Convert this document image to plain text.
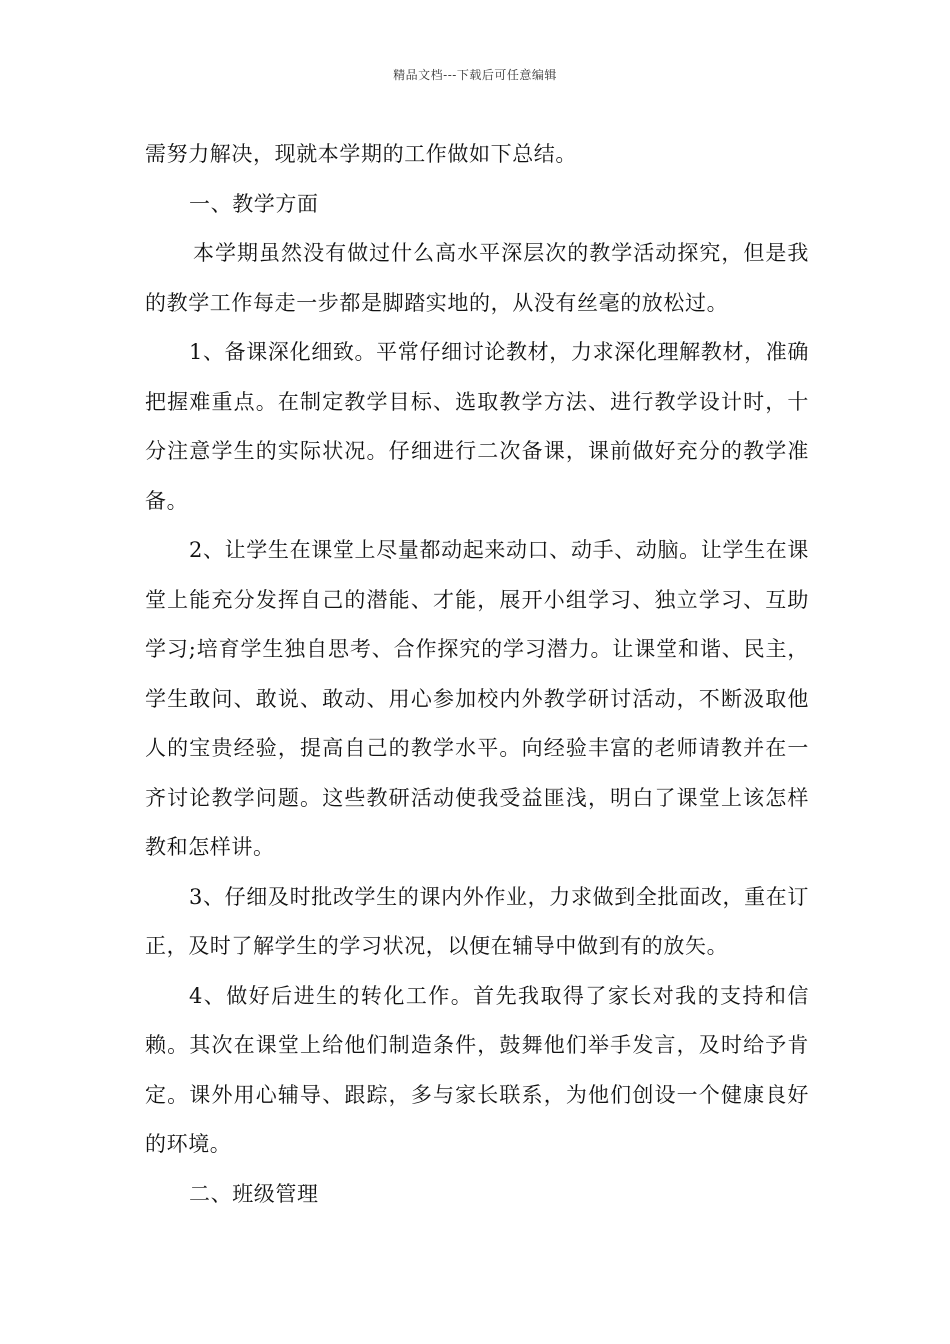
精品文档---下载后可任意编辑

需努力解决，现就本学期的工作做如下总结。

一、教学方面

本学期虽然没有做过什么高水平深层次的教学活动探究，但是我的教学工作每走一步都是脚踏实地的，从没有丝毫的放松过。

1、备课深化细致。平常仔细讨论教材，力求深化理解教材，准确把握难重点。在制定教学目标、选取教学方法、进行教学设计时，十分注意学生的实际状况。仔细进行二次备课，课前做好充分的教学准备。

2、让学生在课堂上尽量都动起来动口、动手、动脑。让学生在课堂上能充分发挥自己的潜能、才能，展开小组学习、独立学习、互助学习;培育学生独自思考、合作探究的学习潜力。让课堂和谐、民主，学生敢问、敢说、敢动、用心参加校内外教学研讨活动，不断汲取他人的宝贵经验，提高自己的教学水平。向经验丰富的老师请教并在一齐讨论教学问题。这些教研活动使我受益匪浅，明白了课堂上该怎样教和怎样讲。

3、仔细及时批改学生的课内外作业，力求做到全批面改，重在订正，及时了解学生的学习状况，以便在辅导中做到有的放矢。

4、做好后进生的转化工作。首先我取得了家长对我的支持和信赖。其次在课堂上给他们制造条件，鼓舞他们举手发言，及时给予肯定。课外用心辅导、跟踪，多与家长联系，为他们创设一个健康良好的环境。

二、班级管理
